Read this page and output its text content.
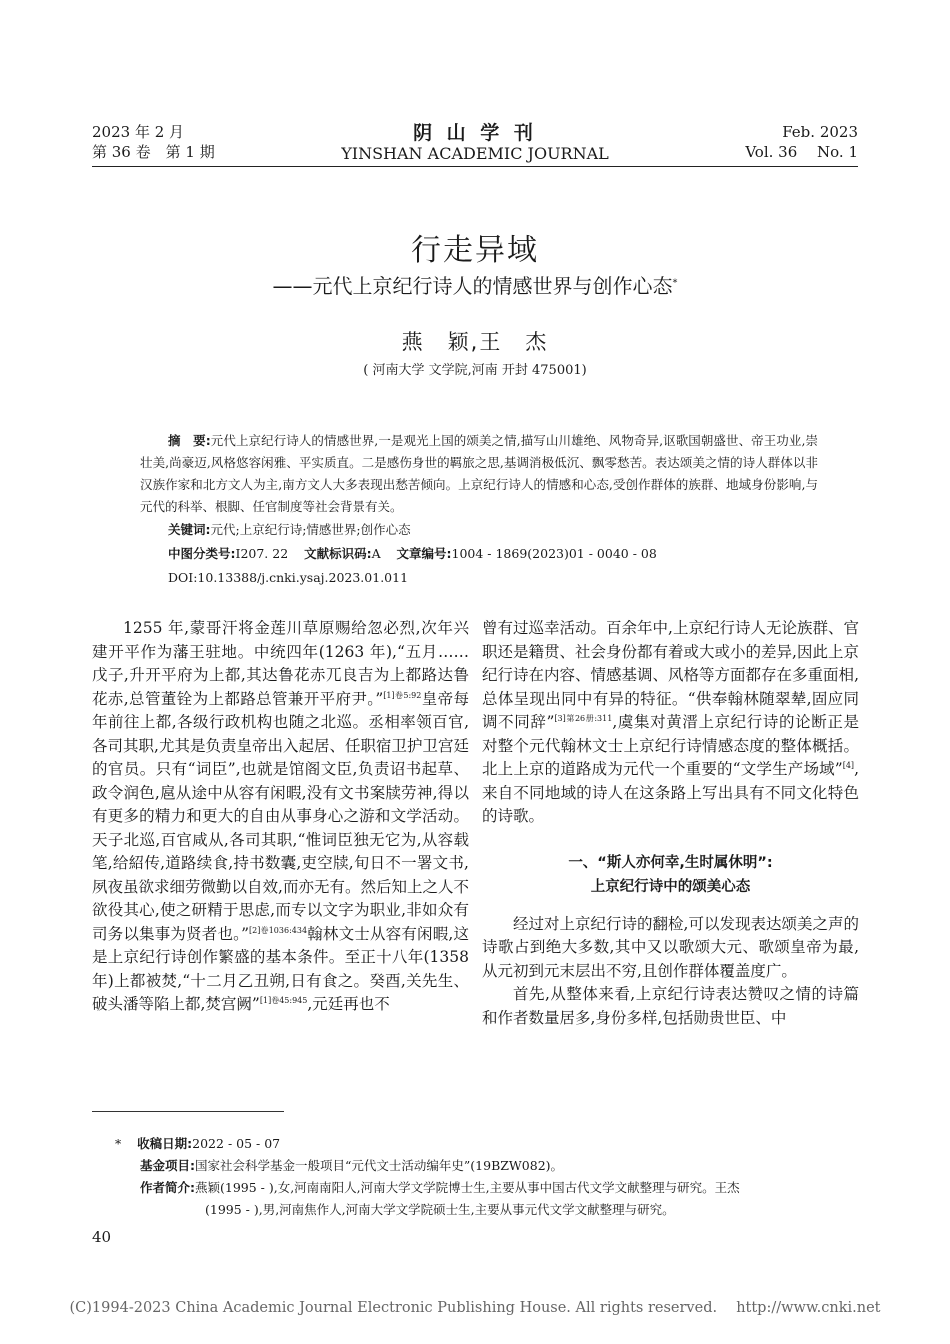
2023 年 2 月
第 36 卷　第 1 期
阴 山 学 刊
YINSHAN ACADEMIC JOURNAL
Feb. 2023
Vol. 36　 No. 1
行走异域
——元代上京纪行诗人的情感世界与创作心态*
燕　颖,王　杰
( 河南大学 文学院,河南 开封 475001)
摘　要:元代上京纪行诗人的情感世界,一是观光上国的颂美之情,描写山川雄绝、风物奇异,讴歌国朝盛世、帝王功业,崇壮美,尚豪迈,风格悠容闲雅、平实质直。二是感伤身世的羁旅之思,基调消极低沉、飘零愁苦。表达颂美之情的诗人群体以非汉族作家和北方文人为主,南方文人大多表现出愁苦倾向。上京纪行诗人的情感和心态,受创作群体的族群、地域身份影响,与元代的科举、根脚、任官制度等社会背景有关。
关键词:元代;上京纪行诗;情感世界;创作心态
中图分类号:I207. 22 文献标识码:A 文章编号:1004 - 1869(2023)01 - 0040 - 08
DOI:10.13388/j.cnki.ysaj.2023.01.011

1255 年,蒙哥汗将金莲川草原赐给忽必烈,次年兴建开平作为藩王驻地。中统四年(1263 年),“五月……戊子,升开平府为上都,其达鲁花赤兀良吉为上都路达鲁花赤,总管董铨为上都路总管兼开平府尹。”$^{[1]卷5:92}$皇帝每年前往上都,各级行政机构也随之北巡。丞相率领百官,各司其职,尤其是负责皇帝出入起居、任职宿卫护卫宫廷的官员。只有“词臣”,也就是馆阁文臣,负责诏书起草、政令润色,扈从途中从容有闲暇,没有文书案牍劳神,得以有更多的精力和更大的自由从事身心之游和文学活动。天子北巡,百官咸从,各司其职,“惟词臣独无它为,从容载笔,给紹传,道路续食,持书数囊,吏空牍,旬日不一署文书,夙夜虽欲求细劳微勤以自效,而亦无有。然后知上之人不欲役其心,使之研精于思虑,而专以文字为职业,非如众有司务以集事为贤者也。”$^{[2]卷1036:434}$翰林文士从容有闲暇,这是上京纪行诗创作繁盛的基本条件。至正十八年(1358 年)上都被焚,“十二月乙丑朔,日有食之。癸酉,关先生、破头潘等陷上都,焚宫阙”$^{[1]卷45:945}$,元廷再也不

曾有过巡幸活动。百余年中,上京纪行诗人无论族群、官职还是籍贯、社会身份都有着或大或小的差异,因此上京纪行诗在内容、情感基调、风格等方面都存在多重面相,总体呈现出同中有异的特征。“供奉翰林随翠辇,固应同调不同辞”$^{[3]第26册:311}$,虞集对黄溍上京纪行诗的论断正是对整个元代翰林文士上京纪行诗情感态度的整体概括。北上上京的道路成为元代一个重要的“文学生产场域”[4],来自不同地域的诗人在这条路上写出具有不同文化特色的诗歌。

一、“斯人亦何幸,生时属休明”:
上京纪行诗中的颂美心态

经过对上京纪行诗的翻检,可以发现表达颂美之声的诗歌占到绝大多数,其中又以歌颂大元、歌颂皇帝为最,从元初到元末层出不穷,且创作群体覆盖度广。

首先,从整体来看,上京纪行诗表达赞叹之情的诗篇和作者数量居多,身份多样,包括勋贵世臣、中

* 收稿日期:2022 - 05 - 07
基金项目:国家社会科学基金一般项目“元代文士活动编年史”(19BZW082)。
作者简介:燕颖(1995 - ),女,河南南阳人,河南大学文学院博士生,主要从事中国古代文学文献整理与研究。王杰
(1995 - ),男,河南焦作人,河南大学文学院硕士生,主要从事元代文学文献整理与研究。
40
(C)1994-2023 China Academic Journal Electronic Publishing House. All rights reserved.　 http://www.cnki.net
